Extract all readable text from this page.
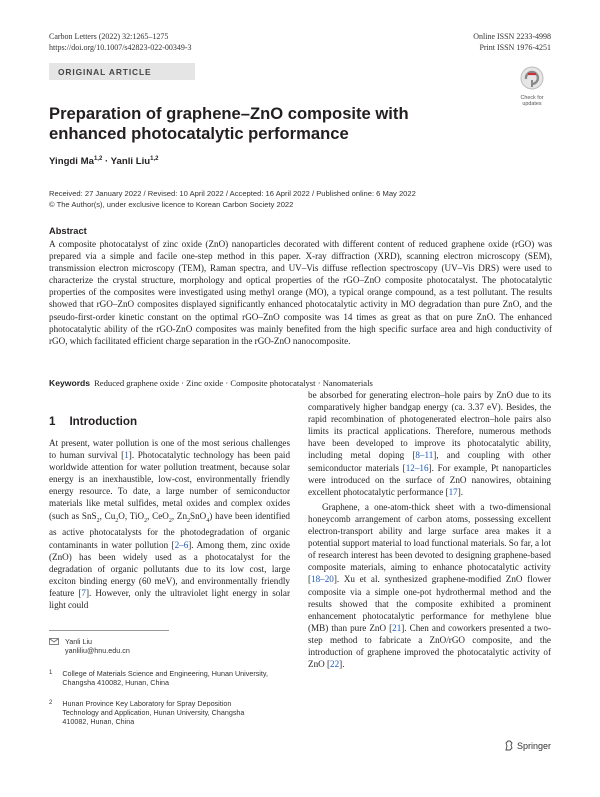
Carbon Letters (2022) 32:1265–1275
https://doi.org/10.1007/s42823-022-00349-3
Online ISSN 2233-4998
Print ISSN 1976-4251
ORIGINAL ARTICLE
Check for
updates
Preparation of graphene–ZnO composite with enhanced photocatalytic performance
Yingdi Ma$^{1,2}$ · Yanli Liu$^{1,2}$
Received: 27 January 2022 / Revised: 10 April 2022 / Accepted: 16 April 2022 / Published online: 6 May 2022
© The Author(s), under exclusive licence to Korean Carbon Society 2022
Abstract
A composite photocatalyst of zinc oxide (ZnO) nanoparticles decorated with different content of reduced graphene oxide (rGO) was prepared via a simple and facile one-step method in this paper. X-ray diffraction (XRD), scanning electron microscopy (SEM), transmission electron microscopy (TEM), Raman spectra, and UV–Vis diffuse reflection spectroscopy (UV–Vis DRS) were used to characterize the crystal structure, morphology and optical properties of the rGO–ZnO composite photocatalyst. The photocatalytic properties of the composites were investigated using methyl orange (MO), a typical orange compound, as a test pollutant. The results showed that rGO–ZnO composites displayed significantly enhanced photocatalytic activity in MO degradation than pure ZnO, and the pseudo-first-order kinetic constant on the optimal rGO–ZnO composite was 14 times as great as that on pure ZnO. The enhanced photocatalytic ability of the rGO-ZnO composites was mainly benefited from the high specific surface area and high conductivity of rGO, which facilitated efficient charge separation in the rGO-ZnO nanocomposite.
Keywords Reduced graphene oxide · Zinc oxide · Composite photocatalyst · Nanomaterials
1 Introduction

At present, water pollution is one of the most serious challenges to human survival [1]. Photocatalytic technology has been paid worldwide attention for water pollution treatment, because solar energy is an inexhaustible, low-cost, environmentally friendly energy resource. To date, a large number of semiconductor materials like metal sulfides, metal oxides and complex oxides (such as SnS$_2$, $Cu_2O$, TiO$_2$, CeO$_2$, $Zn_2SnO_4$) have been identified as active photocatalysts for the photodegradation of organic contaminants in water pollution [2–6]. Among them, zinc oxide (ZnO) has been widely used as a photocatalyst for the degradation of organic pollutants due to its low cost, large exciton binding energy (60 meV), and environmentally friendly feature [7]. However, only the ultraviolet light energy in solar light could

be absorbed for generating electron–hole pairs by ZnO due to its comparatively higher bandgap energy (ca. 3.37 eV). Besides, the rapid recombination of photogenerated electron–hole pairs also limits its practical applications. Therefore, numerous methods have been developed to improve its photocatalytic ability, including metal doping [8–11], and coupling with other semiconductor materials [12–16]. For example, Pt nanoparticles were introduced on the surface of ZnO nanowires, obtaining excellent photocatalytic performance [17].

Graphene, a one-atom-thick sheet with a two-dimensional honeycomb arrangement of carbon atoms, possessing excellent electron-transport ability and large surface area makes it a potential support material to load functional materials. So far, a lot of research interest has been devoted to designing graphene-based composite materials, aiming to enhance photocatalytic activity [18–20]. Xu et al. synthesized graphene-modified ZnO flower composite via a simple one-pot hydrothermal method and the results showed that the composite exhibited a prominent enhancement photocatalytic performance for methylene blue (MB) than pure ZnO [21]. Chen and coworkers presented a two-step method to fabricate a ZnO/rGO composite, and the introduction of graphene improved the photocatalytic activity of ZnO [22].

Yanli Liu
yanliliu@hnu.edu.cn
1 College of Materials Science and Engineering, Hunan University, Changsha 410082, Hunan, China
2 Hunan Province Key Laboratory for Spray Deposition Technology and Application, Hunan University, Changsha 410082, Hunan, China
Springer
